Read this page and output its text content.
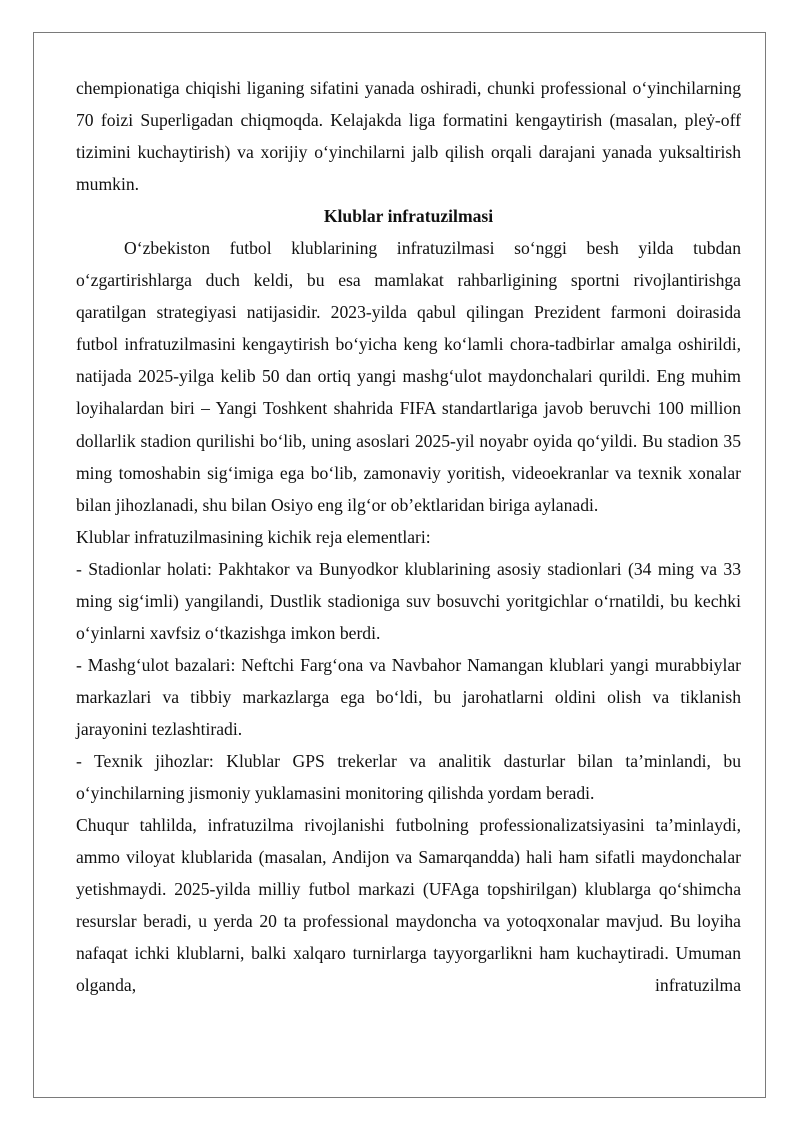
chempionatiga chiqishi liganing sifatini yanada oshiradi, chunki professional oʻyinchilarning 70 foizi Superligadan chiqmoqda. Kelajakda liga formatini kengaytirish (masalan, pleẏ-off tizimini kuchaytirish) va xorijiy oʻyinchilarni jalb qilish orqali darajani yanada yuksaltirish mumkin.

Klublar infratuzilmasi

Oʻzbekiston futbol klublarining infratuzilmasi soʻnggi besh yilda tubdan oʻzgartirishlarga duch keldi, bu esa mamlakat rahbarligining sportni rivojlantirishga qaratilgan strategiyasi natijasidir. 2023-yilda qabul qilingan Prezident farmoni doirasida futbol infratuzilmasini kengaytirish boʻyicha keng koʻlamli chora-tadbirlar amalga oshirildi, natijada 2025-yilga kelib 50 dan ortiq yangi mashgʻulot maydonchalari qurildi. Eng muhim loyihalardan biri – Yangi Toshkent shahrida FIFA standartlariga javob beruvchi 100 million dollarlik stadion qurilishi boʻlib, uning asoslari 2025-yil noyabr oyida qoʻyildi. Bu stadion 35 ming tomoshabin sigʻimiga ega boʻlib, zamonaviy yoritish, videoekranlar va texnik xonalar bilan jihozlanadi, shu bilan Osiyo eng ilgʻor obʼektlaridan biriga aylanadi.

Klublar infratuzilmasining kichik reja elementlari:

- Stadionlar holati: Pakhtakor va Bunyodkor klublarining asosiy stadionlari (34 ming va 33 ming sigʻimli) yangilandi, Dustlik stadioniga suv bosuvchi yoritgichlar oʻrnatildi, bu kechki oʻyinlarni xavfsiz oʻtkazishga imkon berdi.

- Mashgʻulot bazalari: Neftchi Fargʻona va Navbahor Namangan klublari yangi murabbiylar markazlari va tibbiy markazlarga ega boʻldi, bu jarohatlarni oldini olish va tiklanish jarayonini tezlashtiradi.

- Texnik jihozlar: Klublar GPS trekerlar va analitik dasturlar bilan taʼminlandi, bu oʻyinchilarning jismoniy yuklamasini monitoring qilishda yordam beradi.

Chuqur tahlilda, infratuzilma rivojlanishi futbolning professionalizatsiyasini taʼminlaydi, ammo viloyat klublarida (masalan, Andijon va Samarqandda) hali ham sifatli maydonchalar yetishmaydi. 2025-yilda milliy futbol markazi (UFAga topshirilgan) klublarga qoʻshimcha resurslar beradi, u yerda 20 ta professional maydoncha va yotoqxonalar mavjud. Bu loyiha nafaqat ichki klublarni, balki xalqaro turnirlarga tayyorgarlikni ham kuchaytiradi. Umuman olganda, infratuzilma
